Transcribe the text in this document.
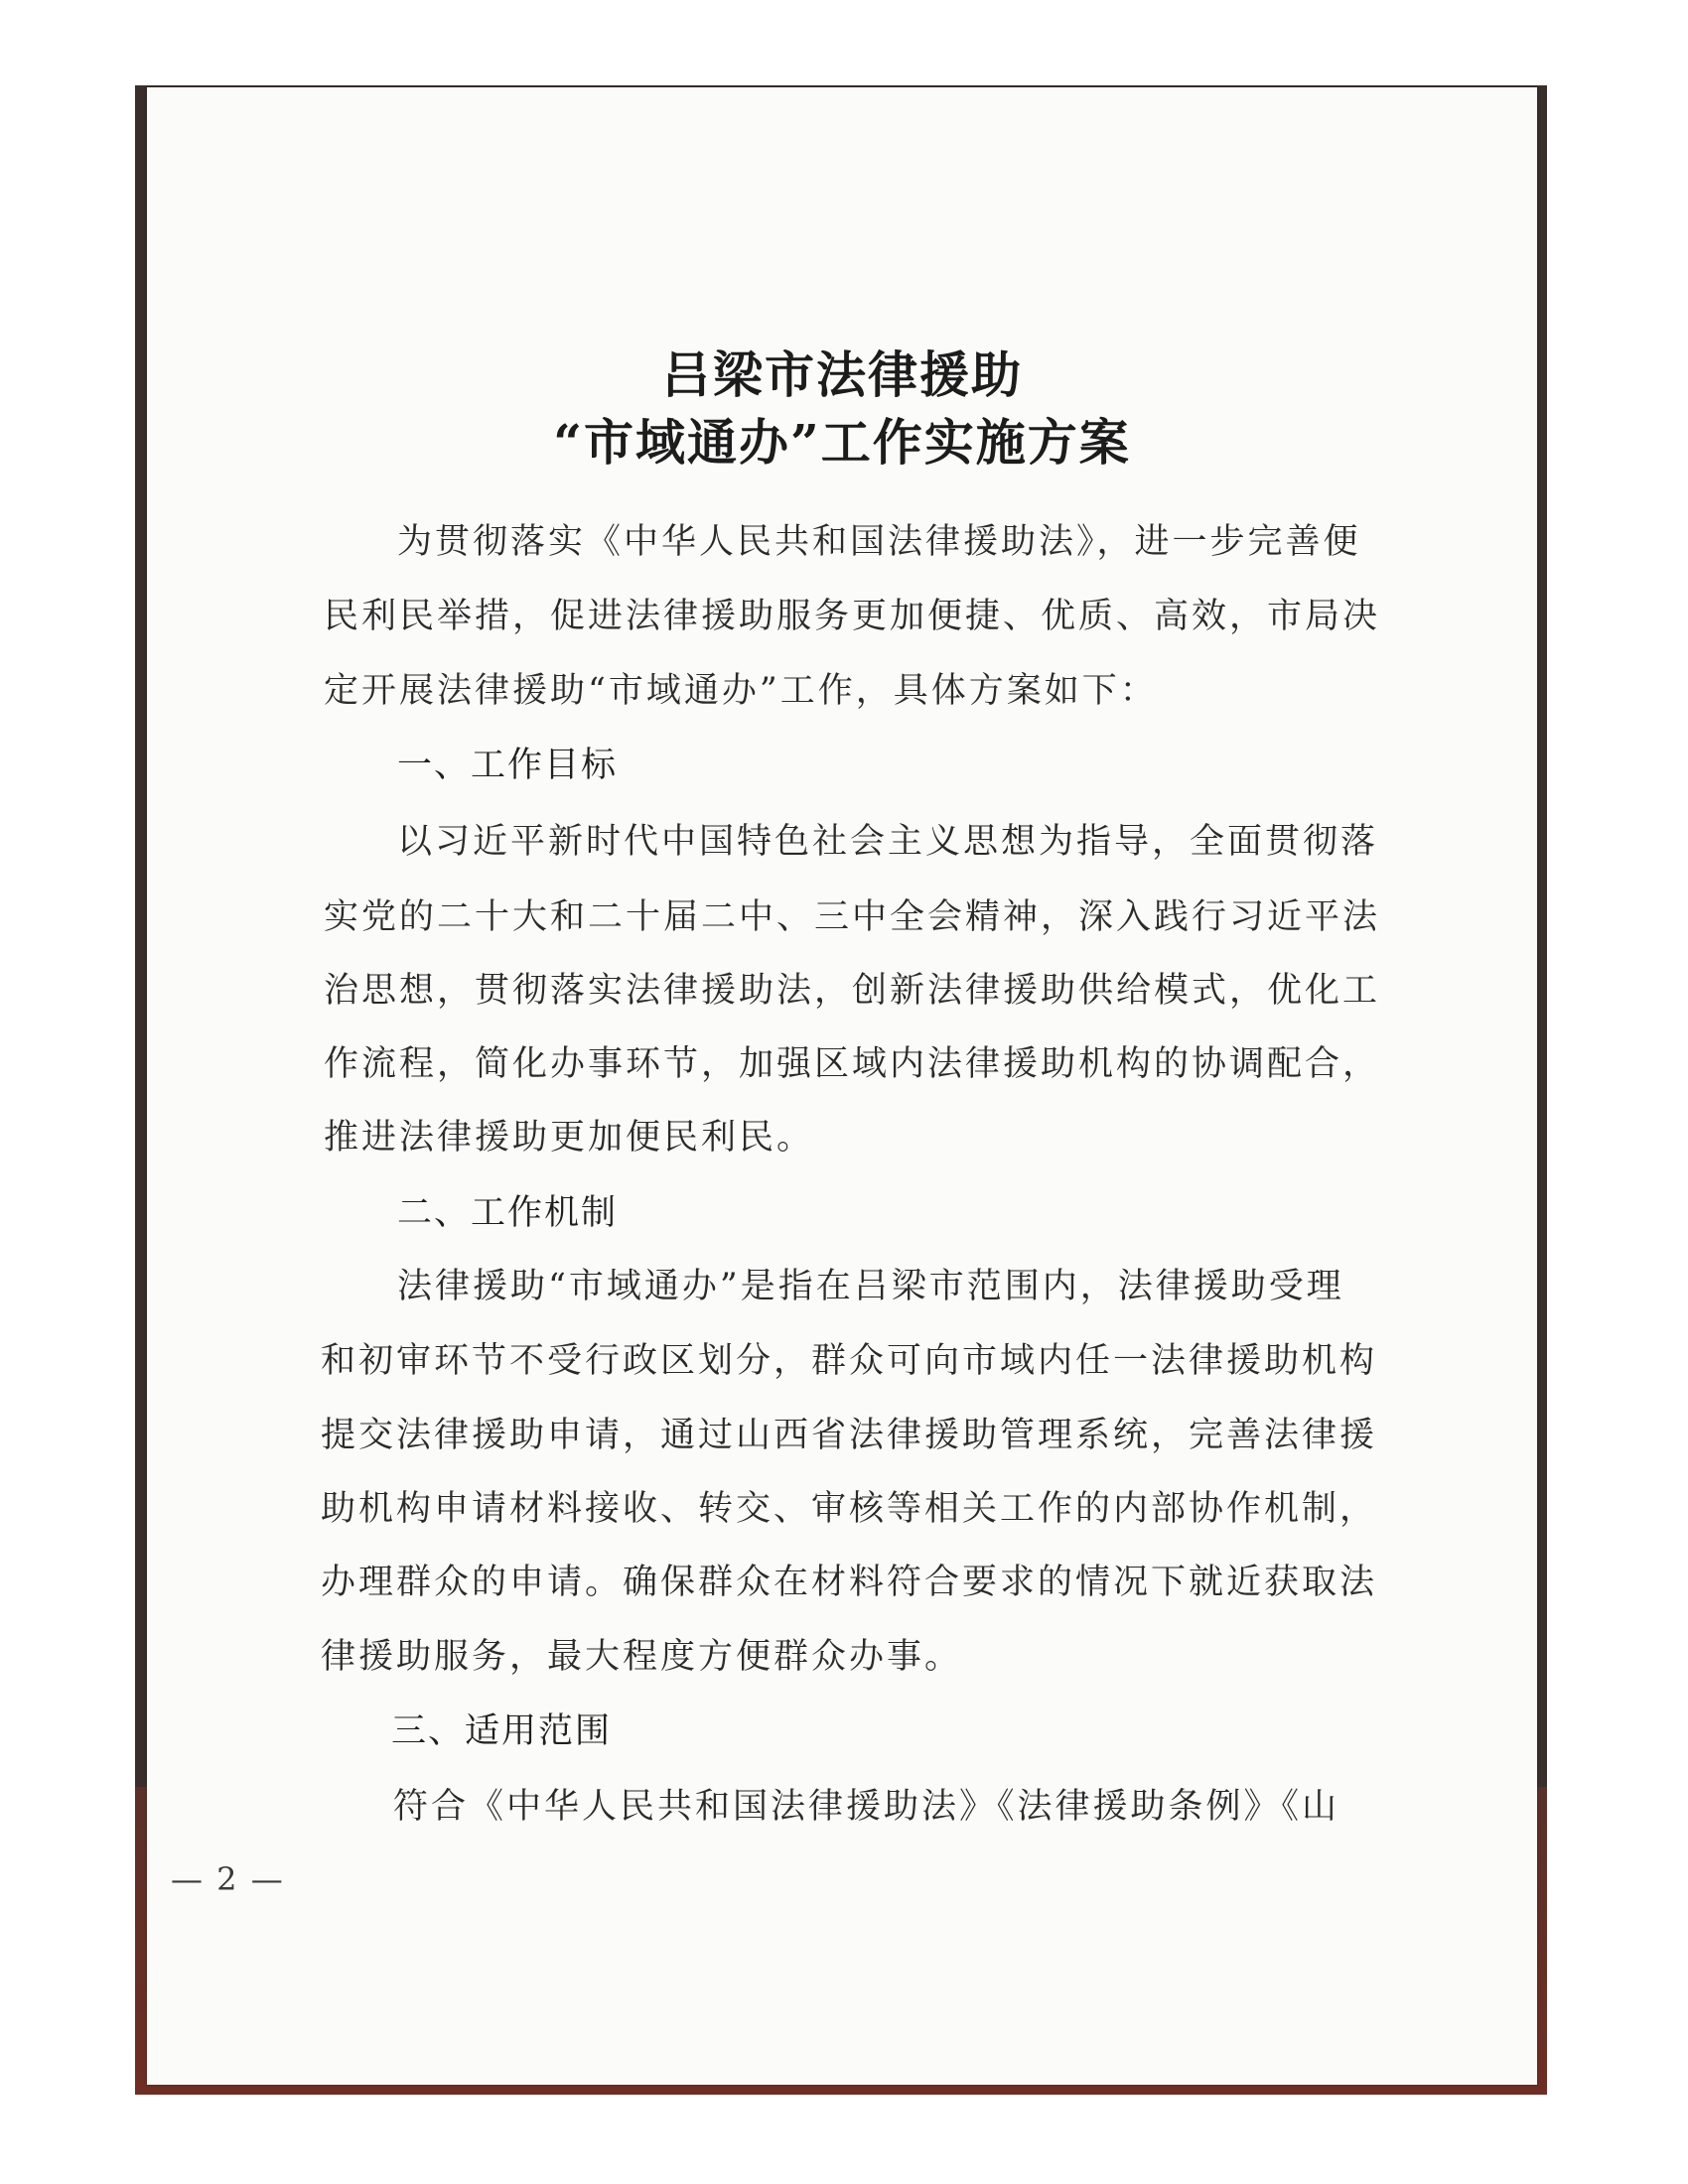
吕梁市法律援助
“市域通办”工作实施方案
为贯彻落实《中华人民共和国法律援助法》，进一步完善便
民利民举措，促进法律援助服务更加便捷、优质、高效，市局决
定开展法律援助“市域通办”工作，具体方案如下：
一、工作目标
以习近平新时代中国特色社会主义思想为指导，全面贯彻落
实党的二十大和二十届二中、三中全会精神，深入践行习近平法
治思想，贯彻落实法律援助法，创新法律援助供给模式，优化工
作流程，简化办事环节，加强区域内法律援助机构的协调配合，
推进法律援助更加便民利民。
二、工作机制
法律援助“市域通办”是指在吕梁市范围内，法律援助受理
和初审环节不受行政区划分，群众可向市域内任一法律援助机构
提交法律援助申请，通过山西省法律援助管理系统，完善法律援
助机构申请材料接收、转交、审核等相关工作的内部协作机制，
办理群众的申请。确保群众在材料符合要求的情况下就近获取法
律援助服务，最大程度方便群众办事。
三、适用范围
符合《中华人民共和国法律援助法》《法律援助条例》《山
— 2 —
